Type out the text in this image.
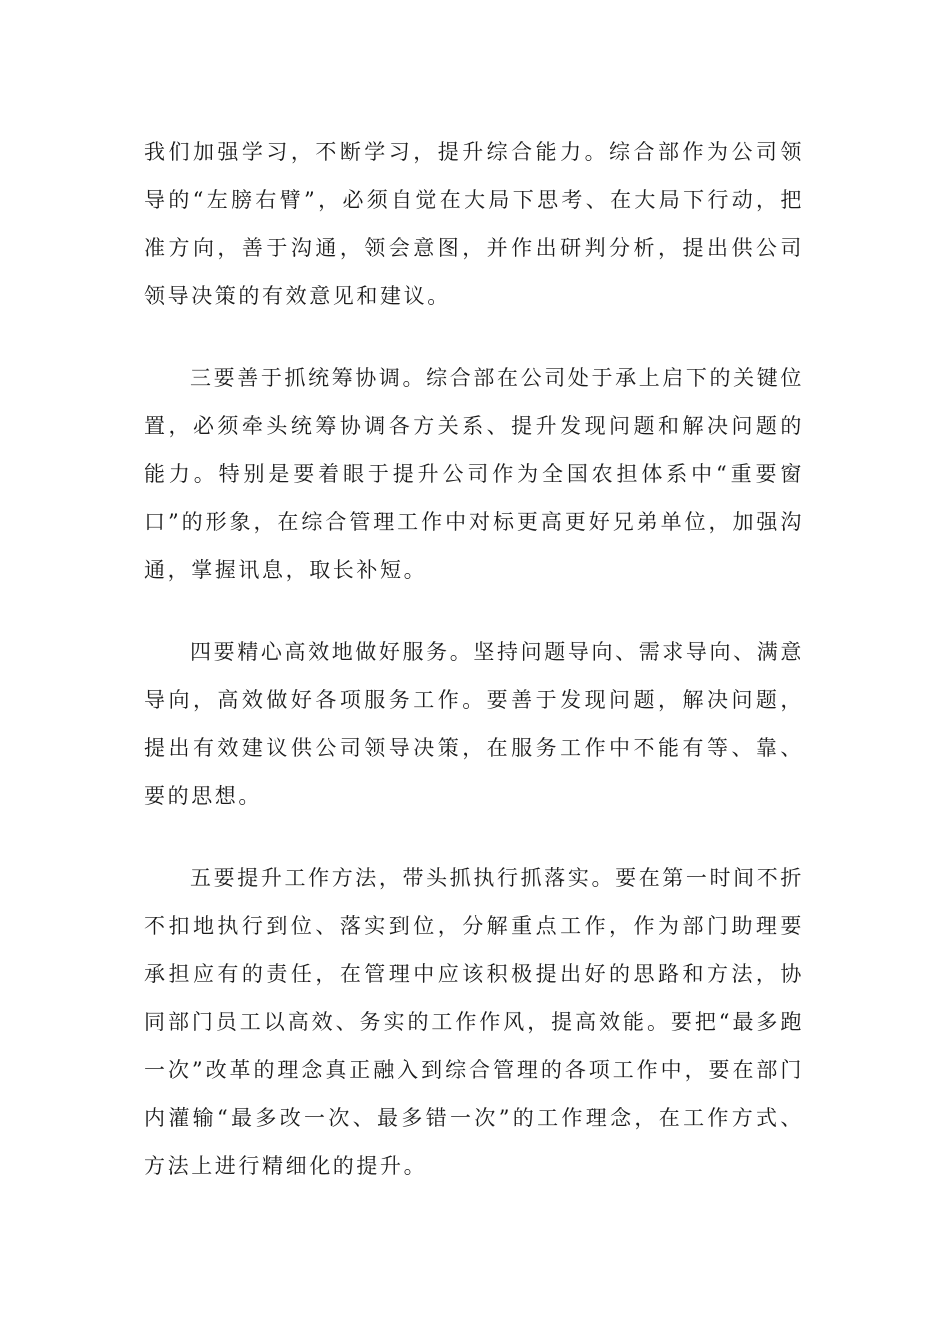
我们加强学习，不断学习，提升综合能力。综合部作为公司领导的“左膀右臂”，必须自觉在大局下思考、在大局下行动，把准方向，善于沟通，领会意图，并作出研判分析，提出供公司领导决策的有效意见和建议。

三要善于抓统筹协调。综合部在公司处于承上启下的关键位置，必须牵头统筹协调各方关系、提升发现问题和解决问题的能力。特别是要着眼于提升公司作为全国农担体系中“重要窗口”的形象，在综合管理工作中对标更高更好兄弟单位，加强沟通，掌握讯息，取长补短。

四要精心高效地做好服务。坚持问题导向、需求导向、满意导向，高效做好各项服务工作。要善于发现问题，解决问题，提出有效建议供公司领导决策，在服务工作中不能有等、靠、要的思想。

五要提升工作方法，带头抓执行抓落实。要在第一时间不折不扣地执行到位、落实到位，分解重点工作，作为部门助理要承担应有的责任，在管理中应该积极提出好的思路和方法，协同部门员工以高效、务实的工作作风，提高效能。要把“最多跑一次”改革的理念真正融入到综合管理的各项工作中，要在部门内灌输“最多改一次、最多错一次”的工作理念，在工作方式、方法上进行精细化的提升。
